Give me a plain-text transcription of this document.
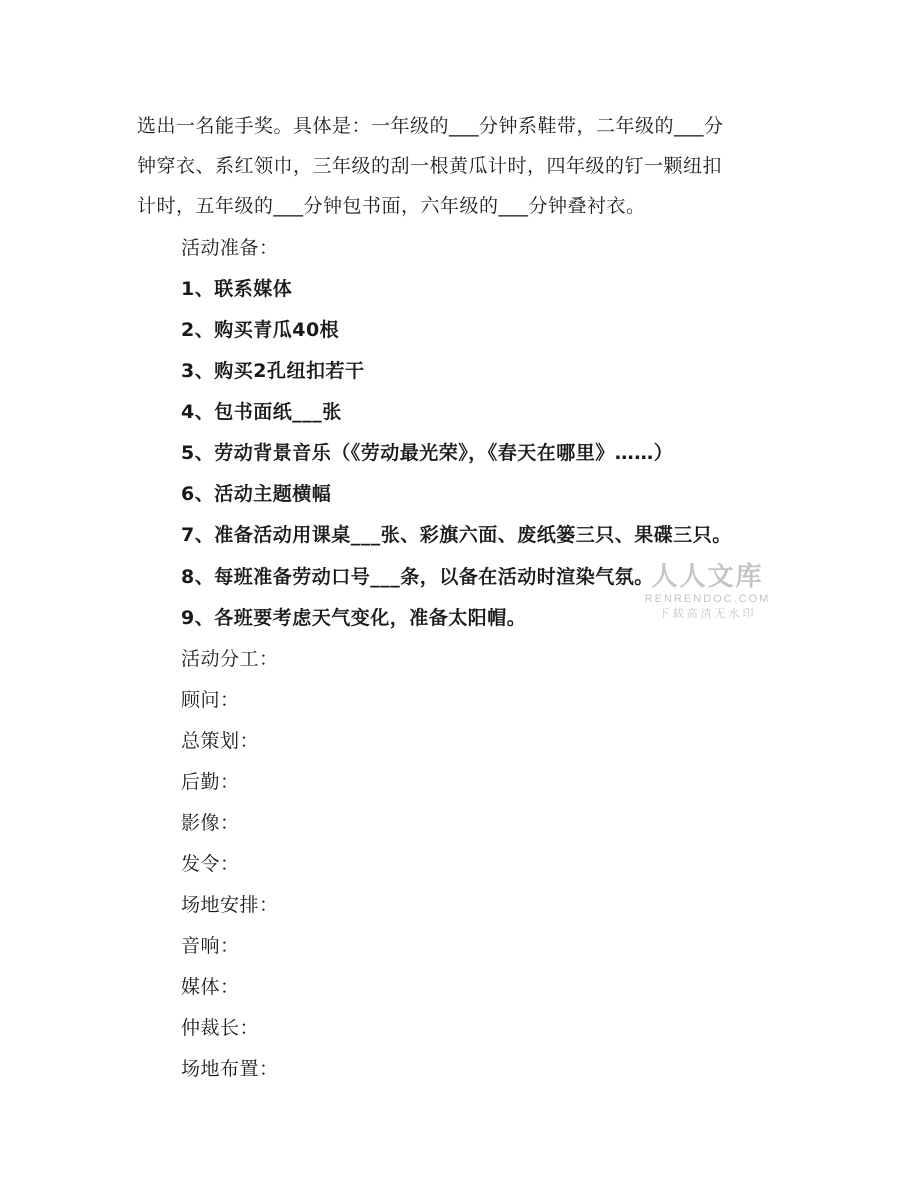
选出一名能手奖。具体是：一年级的___分钟系鞋带，二年级的___分
钟穿衣、系红领巾，三年级的刮一根黄瓜计时，四年级的钉一颗纽扣
计时，五年级的___分钟包书面，六年级的___分钟叠衬衣。
活动准备：
1、联系媒体
2、购买青瓜40根
3、购买2孔纽扣若干
4、包书面纸___张
5、劳动背景音乐（《劳动最光荣》，《春天在哪里》……）
6、活动主题横幅
7、准备活动用课桌___张、彩旗六面、废纸篓三只、果碟三只。
8、每班准备劳动口号___条，以备在活动时渲染气氛。
9、各班要考虑天气变化，准备太阳帽。
活动分工：
顾问：
总策划：
后勤：
影像：
发令：
场地安排：
音响：
媒体：
仲裁长：
场地布置：
人人文库
RENRENDOC.COM
下载高清无水印
